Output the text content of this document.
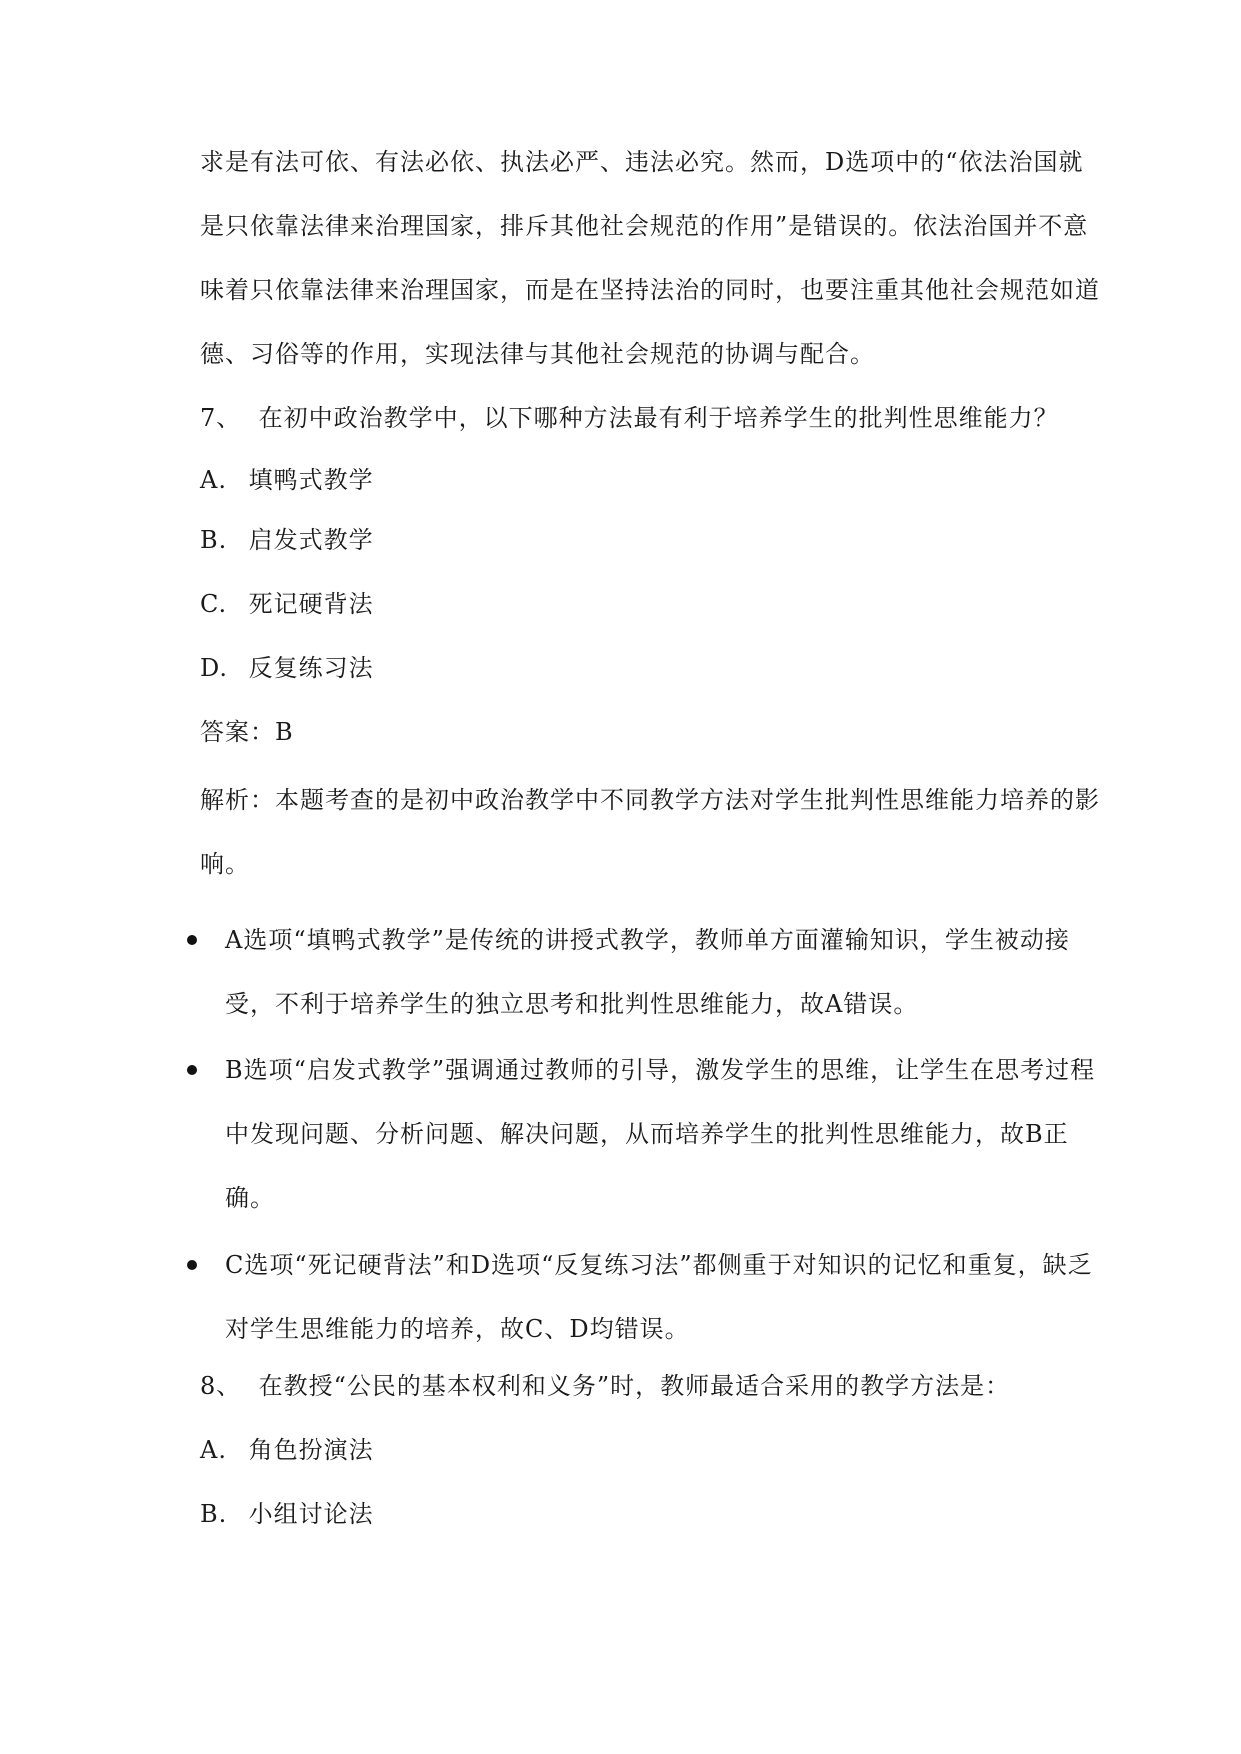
求是有法可依、有法必依、执法必严、违法必究。然而，D选项中的“依法治国就是只依靠法律来治理国家，排斥其他社会规范的作用”是错误的。依法治国并不意味着只依靠法律来治理国家，而是在坚持法治的同时，也要注重其他社会规范如道德、习俗等的作用，实现法律与其他社会规范的协调与配合。

7、 在初中政治教学中，以下哪种方法最有利于培养学生的批判性思维能力？
A. 填鸭式教学
B. 启发式教学
C. 死记硬背法
D. 反复练习法
答案：B

解析：本题考查的是初中政治教学中不同教学方法对学生批判性思维能力培养的影响。

A选项“填鸭式教学”是传统的讲授式教学，教师单方面灌输知识，学生被动接受，不利于培养学生的独立思考和批判性思维能力，故A错误。
B选项“启发式教学”强调通过教师的引导，激发学生的思维，让学生在思考过程中发现问题、分析问题、解决问题，从而培养学生的批判性思维能力，故B正确。
C选项“死记硬背法”和D选项“反复练习法”都侧重于对知识的记忆和重复，缺乏对学生思维能力的培养，故C、D均错误。
8、 在教授“公民的基本权利和义务”时，教师最适合采用的教学方法是：
A. 角色扮演法
B. 小组讨论法
